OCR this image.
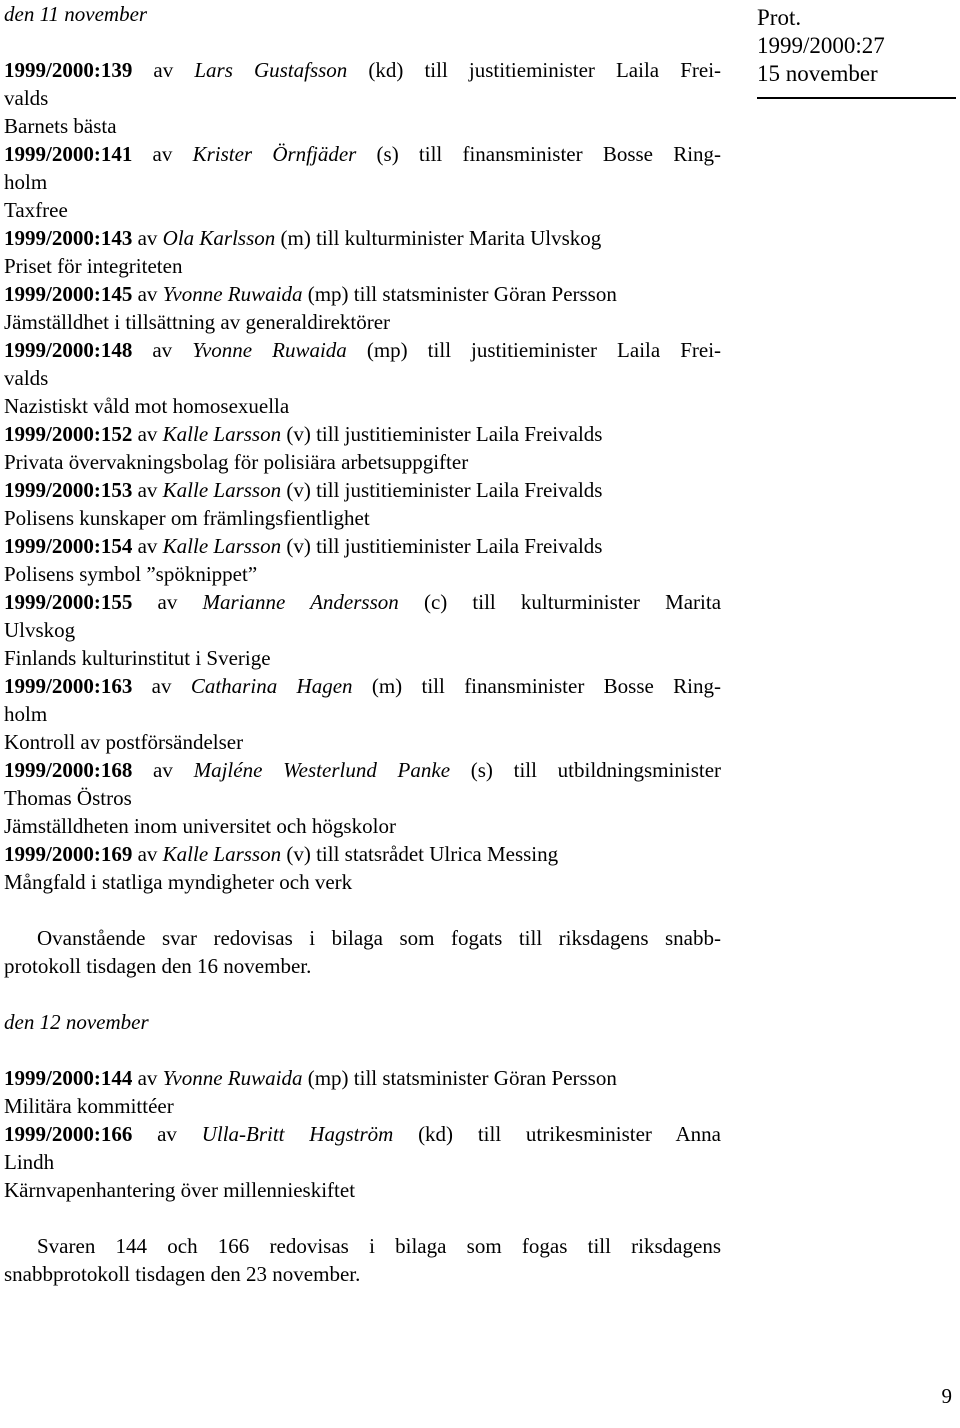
Prot.
1999/2000:27
15 november
den 11 november
1999/2000:139 av Lars Gustafsson (kd) till justitieminister Laila Frei-
valds
Barnets bästa
1999/2000:141 av Krister Örnfjäder (s) till finansminister Bosse Ring-
holm
Taxfree
1999/2000:143 av Ola Karlsson (m) till kulturminister Marita Ulvskog
Priset för integriteten
1999/2000:145 av Yvonne Ruwaida (mp) till statsminister Göran Persson
Jämställdhet i tillsättning av generaldirektörer
1999/2000:148 av Yvonne Ruwaida (mp) till justitieminister Laila Frei-
valds
Nazistiskt våld mot homosexuella
1999/2000:152 av Kalle Larsson (v) till justitieminister Laila Freivalds
Privata övervakningsbolag för polisiära arbetsuppgifter
1999/2000:153 av Kalle Larsson (v) till justitieminister Laila Freivalds
Polisens kunskaper om främlingsfientlighet
1999/2000:154 av Kalle Larsson (v) till justitieminister Laila Freivalds
Polisens symbol ”spöknippet”
1999/2000:155 av Marianne Andersson (c) till kulturminister Marita
Ulvskog
Finlands kulturinstitut i Sverige
1999/2000:163 av Catharina Hagen (m) till finansminister Bosse Ring-
holm
Kontroll av postförsändelser
1999/2000:168 av Majléne Westerlund Panke (s) till utbildningsminister
Thomas Östros
Jämställdheten inom universitet och högskolor
1999/2000:169 av Kalle Larsson (v) till statsrådet Ulrica Messing
Mångfald i statliga myndigheter och verk
Ovanstående svar redovisas i bilaga som fogats till riksdagens snabb-
protokoll tisdagen den 16 november.
den 12 november
1999/2000:144 av Yvonne Ruwaida (mp) till statsminister Göran Persson
Militära kommittéer
1999/2000:166 av Ulla-Britt Hagström (kd) till utrikesminister Anna
Lindh
Kärnvapenhantering över millennieskiftet
Svaren 144 och 166 redovisas i bilaga som fogas till riksdagens
snabbprotokoll tisdagen den 23 november.
9
